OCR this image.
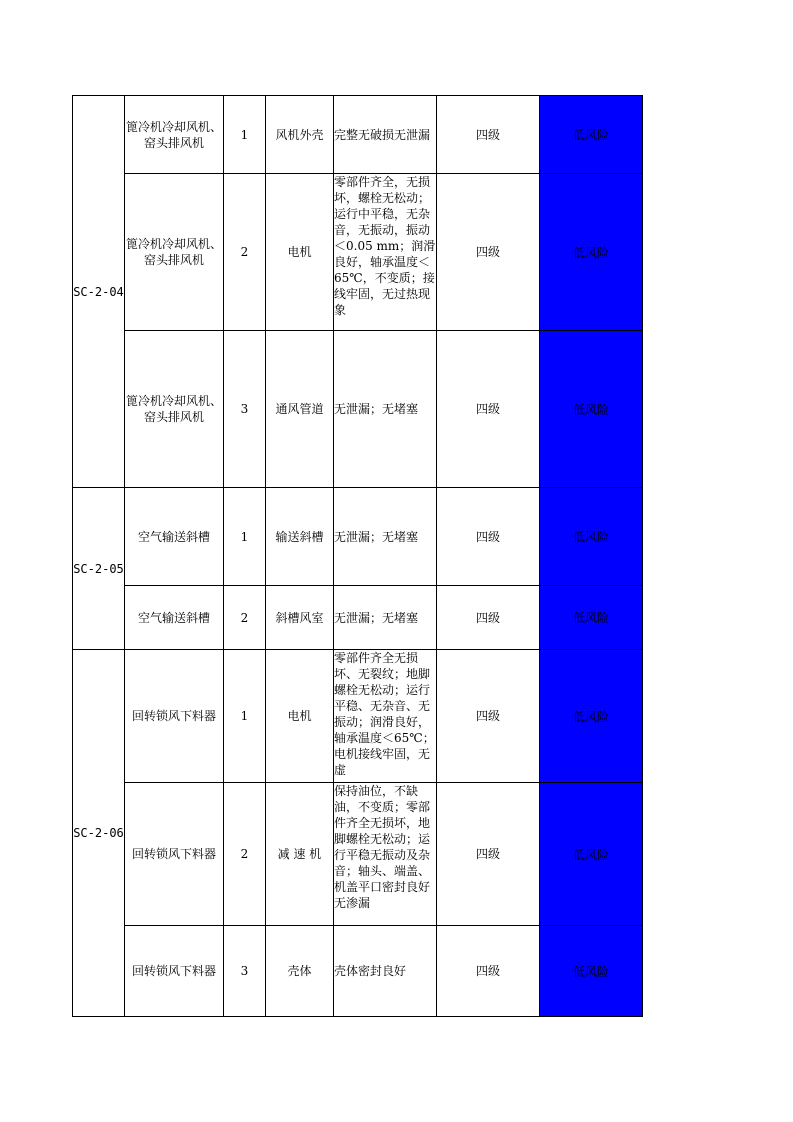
SC-2-04	篦冷机冷却风机、窑头排风机	1	风机外壳	完整无破损无泄漏	四级	低风险
	篦冷机冷却风机、窑头排风机	2	电机	零部件齐全，无损坏，螺栓无松动；运行中平稳，无杂音，无振动，振动＜0.05 mm；润滑良好，轴承温度＜65℃，不变质；接线牢固，无过热现象	四级	低风险
	篦冷机冷却风机、窑头排风机	3	通风管道	无泄漏；无堵塞	四级	低风险
SC-2-05	空气输送斜槽	1	输送斜槽	无泄漏；无堵塞	四级	低风险
	空气输送斜槽	2	斜槽风室	无泄漏；无堵塞	四级	低风险
SC-2-06	回转锁风下料器	1	电机	零部件齐全无损坏、无裂纹；地脚螺栓无松动；运行平稳、无杂音、无振动；润滑良好，轴承温度＜65℃；电机接线牢固，无虚	四级	低风险
	回转锁风下料器	2	减 速 机	保持油位，不缺油，不变质；零部件齐全无损坏，地脚螺栓无松动；运行平稳无振动及杂音；轴头、端盖、机盖平口密封良好无渗漏	四级	低风险
	回转锁风下料器	3	壳体	壳体密封良好	四级	低风险
